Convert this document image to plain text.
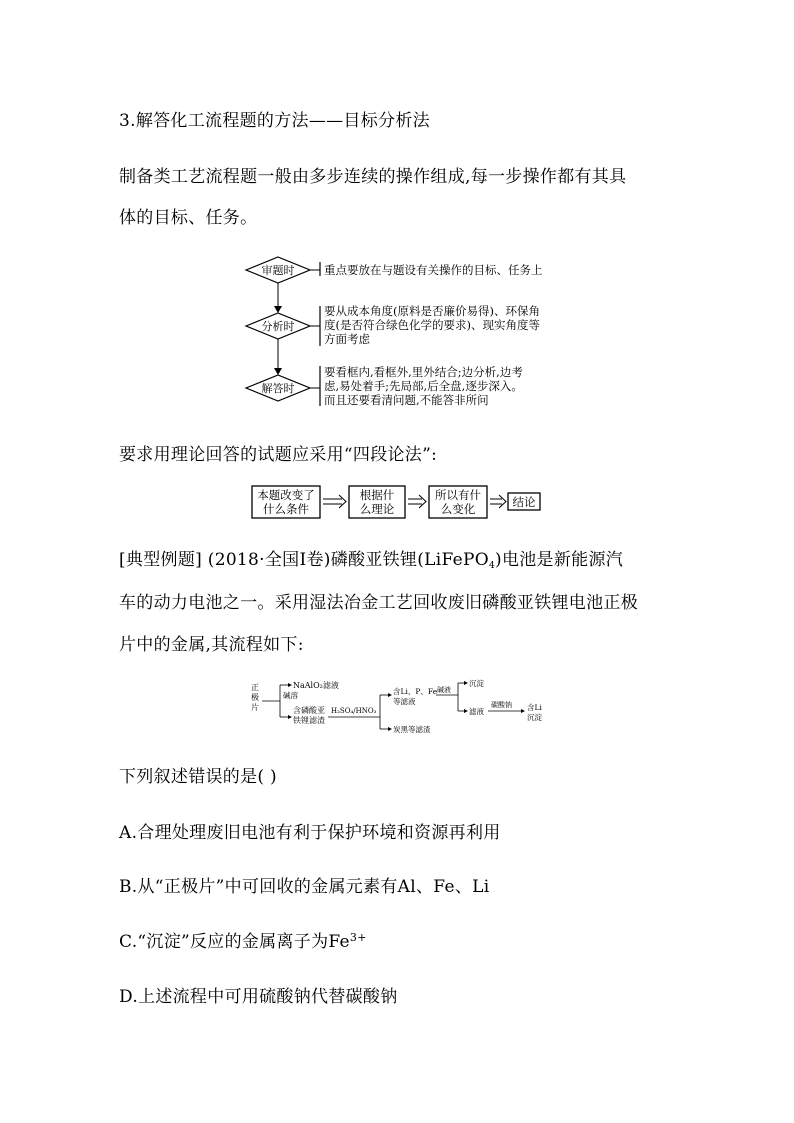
3.解答化工流程题的方法——目标分析法
制备类工艺流程题一般由多步连续的操作组成,每一步操作都有其具
体的目标、任务。
审题时	重点要放在与题设有关操作的目标、任务上
分析时
要从成本角度(原料是否廉价易得)、环保角
度(是否符合绿色化学的要求)、现实角度等
方面考虑
解答时
要看框内,看框外,里外结合;边分析,边考
虑,易处着手;先局部,后全盘,逐步深入。
而且还要看清问题,不能答非所问
要求用理论回答的试题应采用“四段论法”:
本题改变了
什么条件
根据什
么理论
所以有什
么变化	结论
[典型例题] (2018·全国Ⅰ卷)磷酸亚铁锂(LiFePO$_4$)电池是新能源汽
车的动力电池之一。采用湿法冶金工艺回收废旧磷酸亚铁锂电池正极
片中的金属,其流程如下:
正
极
片
碱溶
NaAlO₂滤液
含磷酸亚
铁锂滤渣
H₂SO₄/HNO₃
含Li、P、Fe
等滤液
炭黑等滤渣
碱液
沉淀
滤液
碳酸钠 含Li
沉淀
下列叙述错误的是( )
A.合理处理废旧电池有利于保护环境和资源再利用
B.从“正极片”中可回收的金属元素有Al、Fe、Li
C.“沉淀”反应的金属离子为$Fe^{3+}$
D.上述流程中可用硫酸钠代替碳酸钠
